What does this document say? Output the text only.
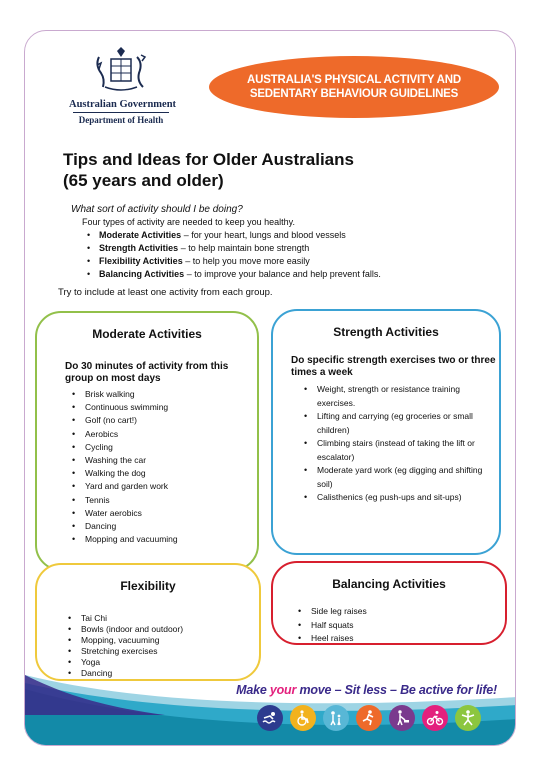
Australian Government
Department of Health
AUSTRALIA'S PHYSICAL ACTIVITY AND
SEDENTARY BEHAVIOUR GUIDELINES
Tips and Ideas for Older Australians
(65 years and older)
What sort of activity should I be doing?
Four types of activity are needed to keep you healthy.
• Moderate Activities – for your heart, lungs and blood vessels
• Strength Activities – to help maintain bone strength
• Flexibility Activities – to help you move more easily
• Balancing Activities – to improve your balance and help prevent falls.
Try to include at least one activity from each group.
Moderate Activities
Do 30 minutes of activity from this group on most days
• Brisk walking
• Continuous swimming
• Golf (no cart!)
• Aerobics
• Cycling
• Washing the car
• Walking the dog
• Yard and garden work
• Tennis
• Water aerobics
• Dancing
• Mopping and vacuuming
Strength Activities
Do specific strength exercises two or three times a week
• Weight, strength or resistance training exercises.
• Lifting and carrying (eg groceries or small children)
• Climbing stairs (instead of taking the lift or escalator)
• Moderate yard work (eg digging and shifting soil)
• Calisthenics (eg push-ups and sit-ups)
Flexibility
• Tai Chi
• Bowls (indoor and outdoor)
• Mopping, vacuuming
• Stretching exercises
• Yoga
• Dancing
Balancing Activities
• Side leg raises
• Half squats
• Heel raises
Make your move – Sit less – Be active for life!
